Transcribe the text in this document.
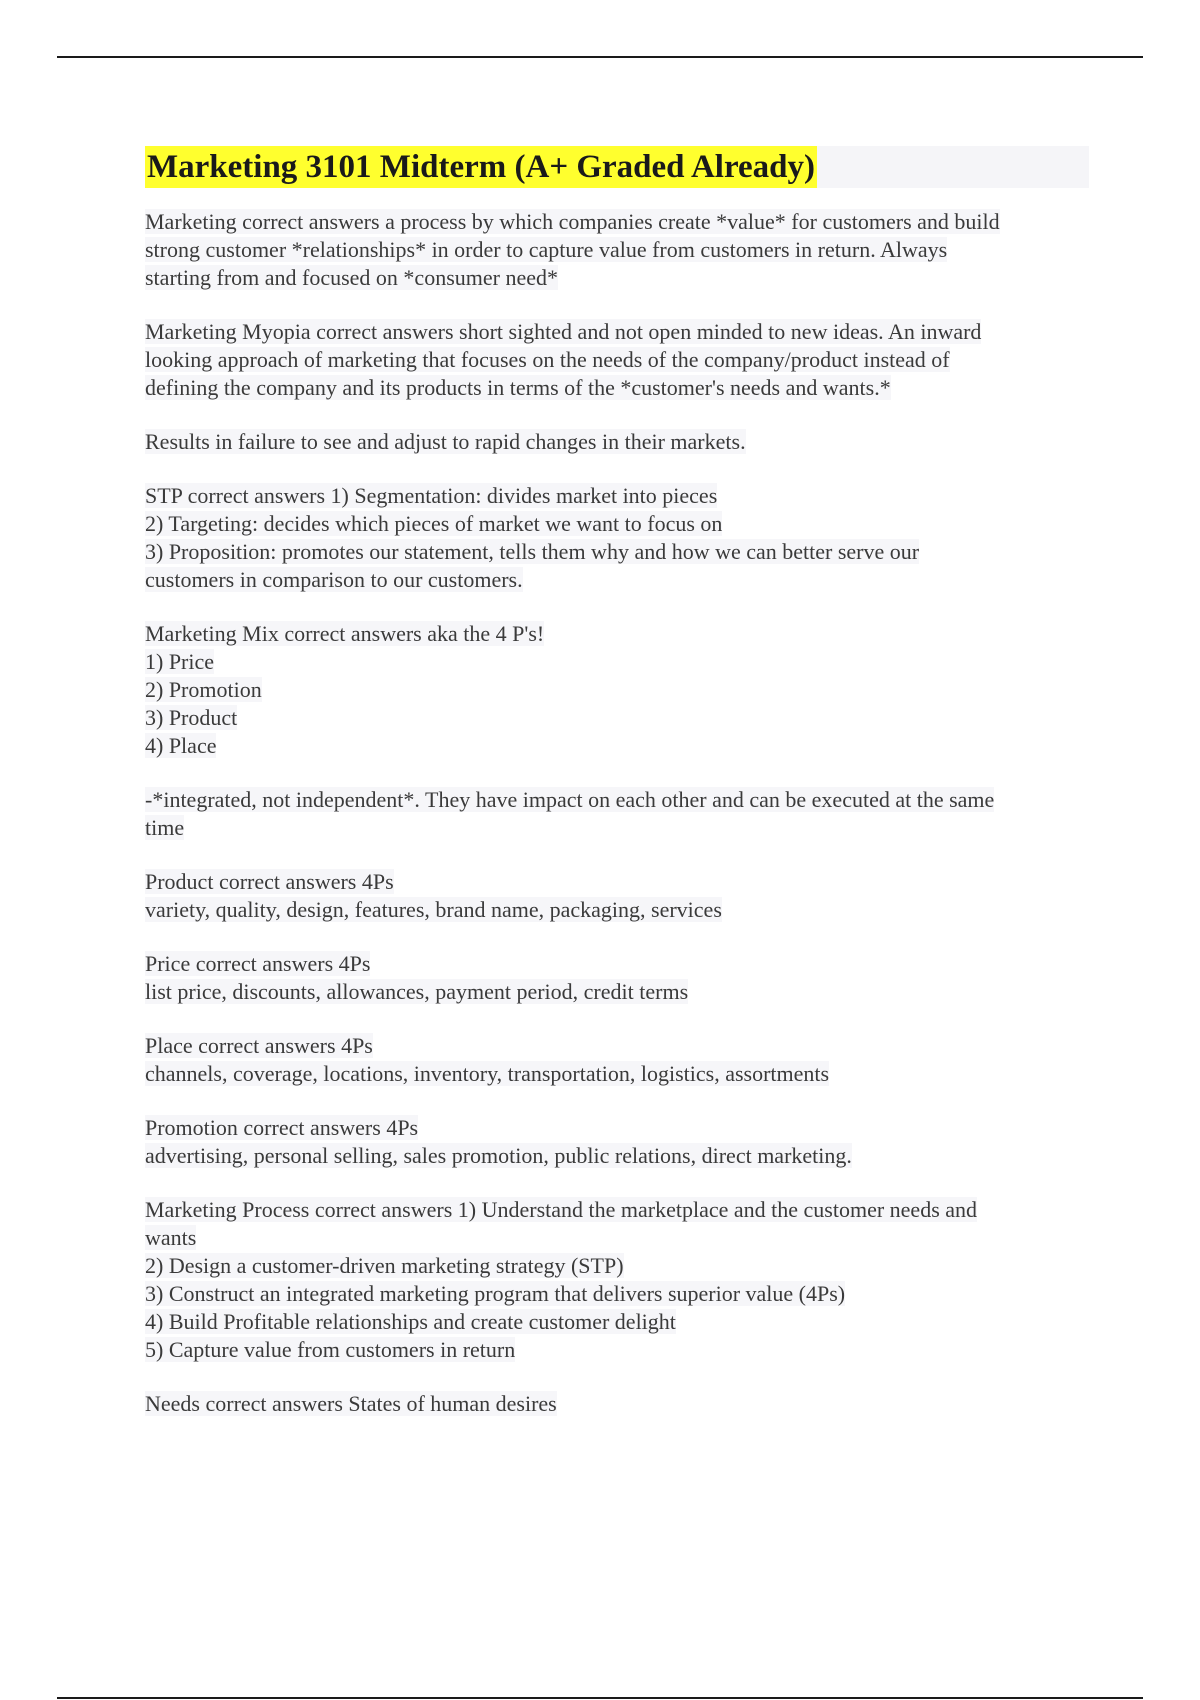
Marketing 3101 Midterm (A+ Graded Already)
Marketing correct answers a process by which companies create *value* for customers and build
strong customer *relationships* in order to capture value from customers in return. Always
starting from and focused on *consumer need*
Marketing Myopia correct answers short sighted and not open minded to new ideas. An inward
looking approach of marketing that focuses on the needs of the company/product instead of
defining the company and its products in terms of the *customer's needs and wants.*
Results in failure to see and adjust to rapid changes in their markets.
STP correct answers 1) Segmentation: divides market into pieces
2) Targeting: decides which pieces of market we want to focus on
3) Proposition: promotes our statement, tells them why and how we can better serve our
customers in comparison to our customers.
Marketing Mix correct answers aka the 4 P's!
1) Price
2) Promotion
3) Product
4) Place
-*integrated, not independent*. They have impact on each other and can be executed at the same
time
Product correct answers 4Ps
variety, quality, design, features, brand name, packaging, services
Price correct answers 4Ps
list price, discounts, allowances, payment period, credit terms
Place correct answers 4Ps
channels, coverage, locations, inventory, transportation, logistics, assortments
Promotion correct answers 4Ps
advertising, personal selling, sales promotion, public relations, direct marketing.
Marketing Process correct answers 1) Understand the marketplace and the customer needs and
wants
2) Design a customer-driven marketing strategy (STP)
3) Construct an integrated marketing program that delivers superior value (4Ps)
4) Build Profitable relationships and create customer delight
5) Capture value from customers in return
Needs correct answers States of human desires
